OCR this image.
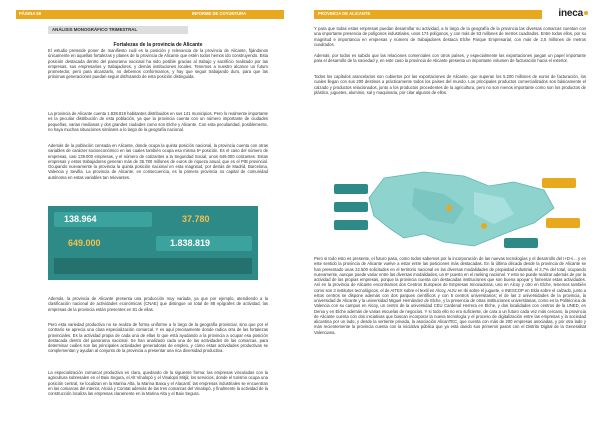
PÁGINA 58	INFORME DE COYUNTURA
ANÁLISIS MONOGRÁFICO TRIMESTRAL
Fortalezas de la provincia de Alicante

El estudio pretende poner de manifiesto cuál es la posición y relevancia de la provincia de Alicante, fijándonos únicamente en aquellas fortalezas y planes de la provincia de Alicante que estén todos hemos ido construyendo. Esta posición destacada dentro del panorama nacional ha sido posible gracias al trabajo y sacrificio realizado por las empresas, sus empresarios y trabajadores, y demás instituciones locales. Tenemos a nuestro alcance un futuro prometedor, pero para alcanzarlo, no debemos conformarnos, y hay que seguir trabajando duro, para que las próximas generaciones puedan seguir disfrutando de esta posición distinguida.

La provincia de Alicante cuenta 1.838.819 habitantes distribuidos en sus 141 municipios. Pero lo realmente importante es la peculiar distribución de esta población, ya que la provincia cuenta con un número importante de ciudades pequeñas, varias medianas y dos grandes ciudades como son Elche y Alicante. Con esta peculiaridad, posiblemente, no haya muchas situaciones similares a lo largo de la geografía nacional.

Además de la población censada en Alicante, donde ocupa la quinta posición nacional, la provincia cuenta con otras variables de carácter socioeconómico en las cuales también ocupa esa misma 5ª posición. Es el caso del número de empresas, casi 139.000 empresas, y el número de cotizantes a la Seguridad Social, unos 649.000 cotizantes. Estas empresas y estos trabajadores generan más de 35.780 millones de euros de riqueza anual, que es el PIB provincial. Ocupando nuevamente la provincia la quinta posición nacional en esta magnitud, por detrás de Madrid, Barcelona, Valencia y Sevilla. La provincia de Alicante, en consecuencia, es la primera provincia no capital de comunidad autónoma en estas variables tan relevantes.

138.964	37.780
649.000	1.838.819

Además, la provincia de Alicante presenta una producción muy variada, ya que por ejemplo, atendiendo a la clasificación nacional de actividades económicas (CNAE) que distingue un total de 88 epígrafes de actividad, las empresas de la provincia están presentes en 81 de ellas.

Pero esta variedad productiva no se realiza de forma uniforme a lo largo de la geografía provincial, sino que por el contrario se aprecia una clara especialización comarcal. Y es aquí precisamente donde radica otra de las fortalezas provinciales. Es la actividad propia de cada una de ellas lo que está ayudando a la provincia a ocupar esa posición destacada dentro del panorama nacional. Se han analizado cada una de las actividades de las comarcas, para determinar cuáles son las principales actividades generadoras de empleo, y cómo estas actividades productivas se complementan y ayudan al conjunto de la provincia a presentar una rica diversidad productiva.

La especialización comarcal productiva es clara, quedando de la siguiente forma: las empresas vinculadas con la agricultura sobresalen en el Baix Segura, el Alt Vinalopó y el Vinalopó Mitjà; los servicios, donde el turismo ocupa una posición central, se localizan en la Marina Alta, la Marina Baixa y el Alacantí; las empresas industriales se encuentran en las comarcas del interior, Alcoià y Comtat además de las tres comarcas del Vinalopó, y finalmente la actividad de la construcción localiza las empresas claramente en la Marina Alta y el Baix Segura.

PROVINCIA DE ALICANTE	ineca

Y para que todas estas empresas puedan desarrollar su actividad, a lo largo de la geografía de la provincia las diversas comarcas cuentan con una importante presencia de polígonos industriales, unos 174 polígonos, y con más de 53 millones de metros cuadrados. Entre todos ellos, por su magnitud e importancia en empresas y número de trabajadores destaca Elche Parque Empresarial, con más de 2,5 millones de metros cuadrados.

Además, por todos es sabido que las relaciones comerciales con otros países, y especialmente las exportaciones juegan un papel importante para el desarrollo de la sociedad y, en este caso la provincia de Alicante presenta un importante volumen de facturación hacia el exterior.

Todos los capítulos arancelarios son cubiertos por las exportaciones de Alicante, que superan los 5.200 millones de euros de facturación, los cuales llegan con sus 200 destinos a prácticamente todos los países del mundo. Los principales productos comercializados son básicamente el calzado y productos relacionados, junto a los productos procedentes de la agricultura, pero no son menos importante como son los productos de plástico, juguetes, aluminio, sal y maquinaria, por citar algunos de ellos.

Pero si todo esto es presente, el futuro pasa, como todos sabemos por la incorporación de las nuevas tecnologías y el desarrollo del I+D+i... y en este sentido la provincia de Alicante vuelve a estar entre las posiciones más destacadas. En la última década desde la provincia de Alicante se han presentado unas 22.500 solicitudes en el territorio nacional en las diversas modalidades de propiedad industrial, el 3,7% del total, ocupando nuevamente, aunque puede variar entre las diversas modalidades, un 6º puesto en el ranking nacional. Y esto se puede realizar además de por la actividad de las propias empresas, porque la provincia cuenta con destacadas instituciones que son buena apoyar y fomentar estas actividades. Así en la provincia de Alicante encontramos dos Centros Europeos de Empresas Innovadoras, uno en Alcoy y otro en Elche, tenemos también como son 3 institutos tecnológicos, el de AITEX sobre el textil en Alcoy, AIJU en Ibi sobre el juguete, e INESCOP en Elda sobre el calzado, junto a estos centros se dispone además con dos parques científicos y con 5 centros universitarios; el de las 2 universidades de la provincia, la universidad de Alicante y la universidad Miguel Hernández de Elche, y la presencia de otras instituciones universitarias, como es la Politécnica de Valencia con su campus en Alcoy, un centro de la universidad CEU Cardenal Herrera en Elche, y dos localidades con centros de la UNED, en Denia y en Elche además de varias escuelas de negocios. Y si todo ello no era suficiente, de cara a un futuro cada vez más cercano, la provincia de Alicante cuenta con dos iniciativas que buscan incorporar la nueva tecnología y el proceso de digitalización entre las empresas y la sociedad alicantina por un lado, y desde la vertiente privada, la asociación AlicanTEC, que cuenta con más de 200 empresas asociadas, y por otra lado y más recientemente la provincia cuenta con la iniciativa pública que ya está dando sus primeros pasos con el Distrito Digital de la Generalitat Valenciana.
